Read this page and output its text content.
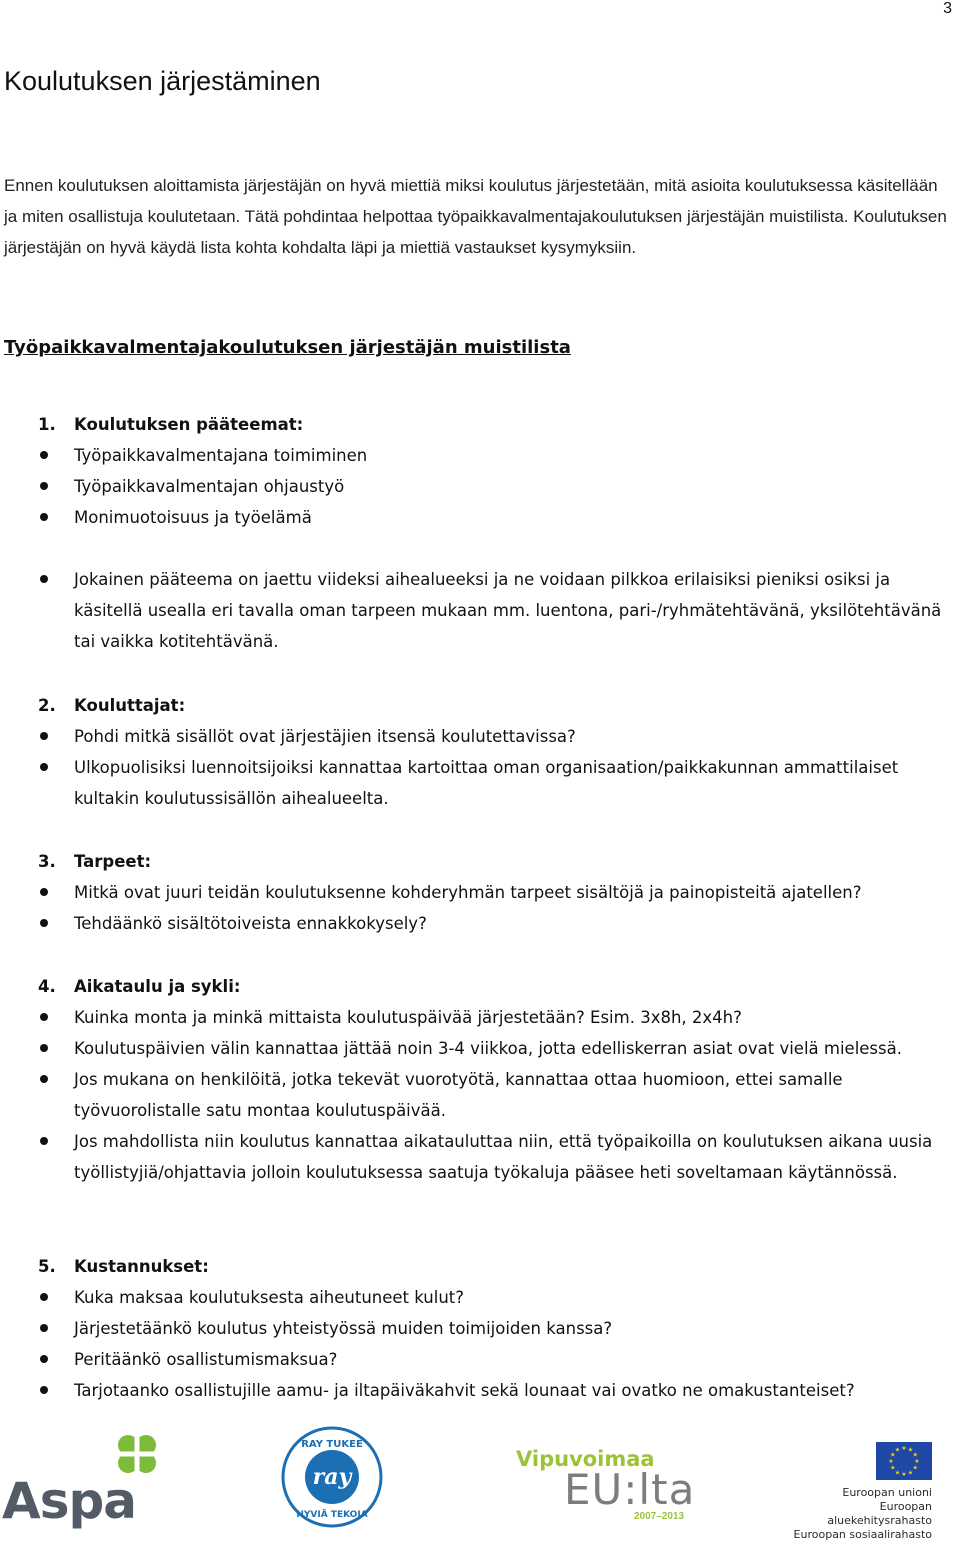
3
Koulutuksen järjestäminen

Ennen koulutuksen aloittamista järjestäjän on hyvä miettiä miksi koulutus järjestetään, mitä asioita koulutuksessa käsitellään ja miten osallistuja koulutetaan. Tätä pohdintaa helpottaa työpaikkavalmentajakoulutuksen järjestäjän muistilista. Koulutuksen järjestäjän on hyvä käydä lista kohta kohdalta läpi ja miettiä vastaukset kysymyksiin.

Työpaikkavalmentajakoulutuksen järjestäjän muistilista
1.	Koulutuksen pääteemat:
Työpaikkavalmentajana toimiminen
Työpaikkavalmentajan ohjaustyö
Monimuotoisuus ja työelämä
Jokainen pääteema on jaettu viideksi aihealueeksi ja ne voidaan pilkkoa erilaisiksi pieniksi osiksi ja käsitellä usealla eri tavalla oman tarpeen mukaan mm. luentona, pari-/ryhmätehtävänä, yksilötehtävänä tai vaikka kotitehtävänä.
2.	Kouluttajat:
Pohdi mitkä sisällöt ovat järjestäjien itsensä koulutettavissa?
Ulkopuolisiksi luennoitsijoiksi kannattaa kartoittaa oman organisaation/paikkakunnan ammattilaiset kultakin koulutussisällön aihealueelta.
3.	Tarpeet:
Mitkä ovat juuri teidän koulutuksenne kohderyhmän tarpeet sisältöjä ja painopisteitä ajatellen?
Tehdäänkö sisältötoiveista ennakkokysely?
4.	Aikataulu ja sykli:
Kuinka monta ja minkä mittaista koulutuspäivää järjestetään? Esim. 3x8h, 2x4h?
Koulutuspäivien välin kannattaa jättää noin 3-4 viikkoa, jotta edelliskerran asiat ovat vielä mielessä.
Jos mukana on henkilöitä, jotka tekevät vuorotyötä, kannattaa ottaa huomioon, ettei samalle työvuorolistalle satu montaa koulutuspäivää.
Jos mahdollista niin koulutus kannattaa aikatauluttaa niin, että työpaikoilla on koulutuksen aikana uusia työllistyjiä/ohjattavia jolloin koulutuksessa saatuja työkaluja pääsee heti soveltamaan käytännössä.
5.	Kustannukset:
Kuka maksaa koulutuksesta aiheutuneet kulut?
Järjestetäänkö koulutus yhteistyössä muiden toimijoiden kanssa?
Peritäänkö osallistumismaksua?
Tarjotaanko osallistujille aamu- ja iltapäiväkahvit sekä lounaat vai ovatko ne omakustanteiset?
Aspa
RAY TUKEE
ray
HYVIÄ TEKOJA
Vipuvoimaa
EU:lta
2007–2013
★ ★
★
★
★
★
★
★
★
★
★
★
Euroopan unioni
Euroopan aluekehitysrahasto
Euroopan sosiaalirahasto
